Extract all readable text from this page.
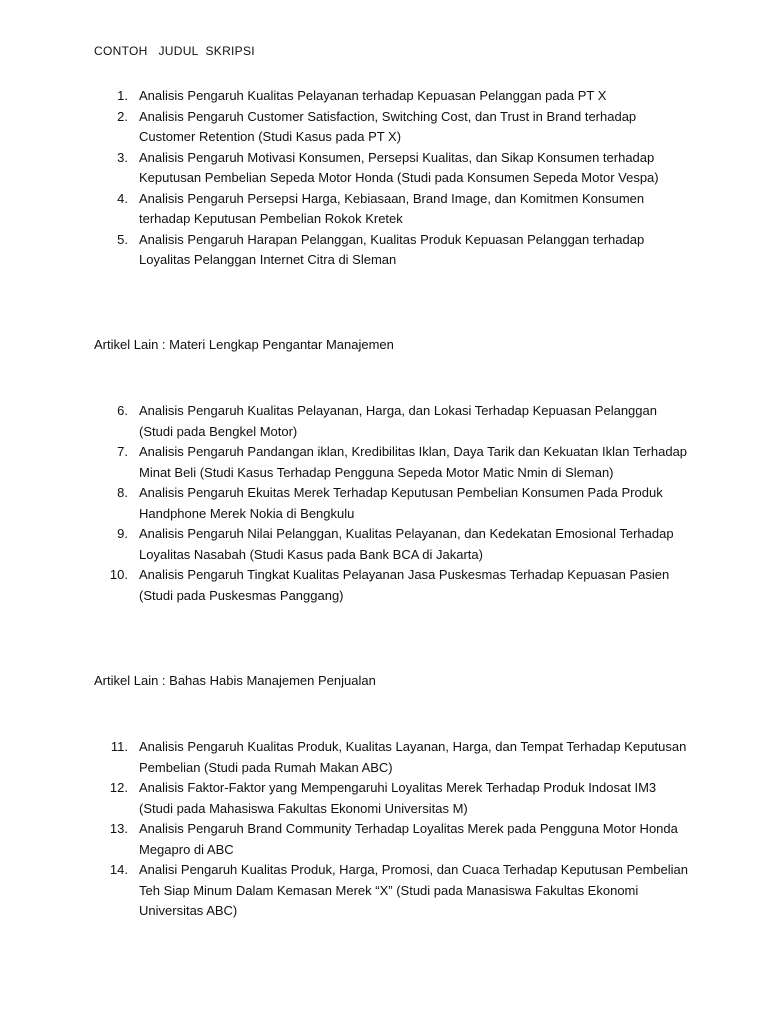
CONTOH   JUDUL  SKRIPSI
1. Analisis Pengaruh Kualitas Pelayanan terhadap Kepuasan Pelanggan pada PT X
2. Analisis Pengaruh Customer Satisfaction, Switching Cost, dan Trust in Brand terhadap Customer Retention (Studi Kasus pada PT X)
3. Analisis Pengaruh Motivasi Konsumen, Persepsi Kualitas, dan Sikap Konsumen terhadap Keputusan Pembelian Sepeda Motor Honda (Studi pada Konsumen Sepeda Motor Vespa)
4. Analisis Pengaruh Persepsi Harga, Kebiasaan, Brand Image, dan Komitmen Konsumen terhadap Keputusan Pembelian Rokok Kretek
5. Analisis Pengaruh Harapan Pelanggan, Kualitas Produk Kepuasan Pelanggan terhadap Loyalitas Pelanggan Internet Citra di Sleman
Artikel Lain : Materi Lengkap Pengantar Manajemen
6. Analisis Pengaruh Kualitas Pelayanan, Harga, dan Lokasi Terhadap Kepuasan Pelanggan (Studi pada Bengkel Motor)
7. Analisis Pengaruh Pandangan iklan, Kredibilitas Iklan, Daya Tarik dan Kekuatan Iklan Terhadap Minat Beli (Studi Kasus Terhadap Pengguna Sepeda Motor Matic Nmin di Sleman)
8. Analisis Pengaruh Ekuitas Merek Terhadap Keputusan Pembelian Konsumen Pada Produk Handphone Merek Nokia di Bengkulu
9. Analisis Pengaruh Nilai Pelanggan, Kualitas Pelayanan, dan Kedekatan Emosional Terhadap Loyalitas Nasabah (Studi Kasus pada Bank BCA di Jakarta)
10. Analisis Pengaruh Tingkat Kualitas Pelayanan Jasa Puskesmas Terhadap Kepuasan Pasien (Studi pada Puskesmas Panggang)
Artikel Lain : Bahas Habis Manajemen Penjualan
11. Analisis Pengaruh Kualitas Produk, Kualitas Layanan, Harga, dan Tempat Terhadap Keputusan Pembelian (Studi pada Rumah Makan ABC)
12. Analisis Faktor-Faktor yang Mempengaruhi Loyalitas Merek Terhadap Produk Indosat IM3 (Studi pada Mahasiswa Fakultas Ekonomi Universitas M)
13. Analisis Pengaruh Brand Community Terhadap Loyalitas Merek pada Pengguna Motor Honda Megapro di ABC
14. Analisi Pengaruh Kualitas Produk, Harga, Promosi, dan Cuaca Terhadap Keputusan Pembelian Teh Siap Minum Dalam Kemasan Merek “X” (Studi pada Manasiswa Fakultas Ekonomi Universitas ABC)
